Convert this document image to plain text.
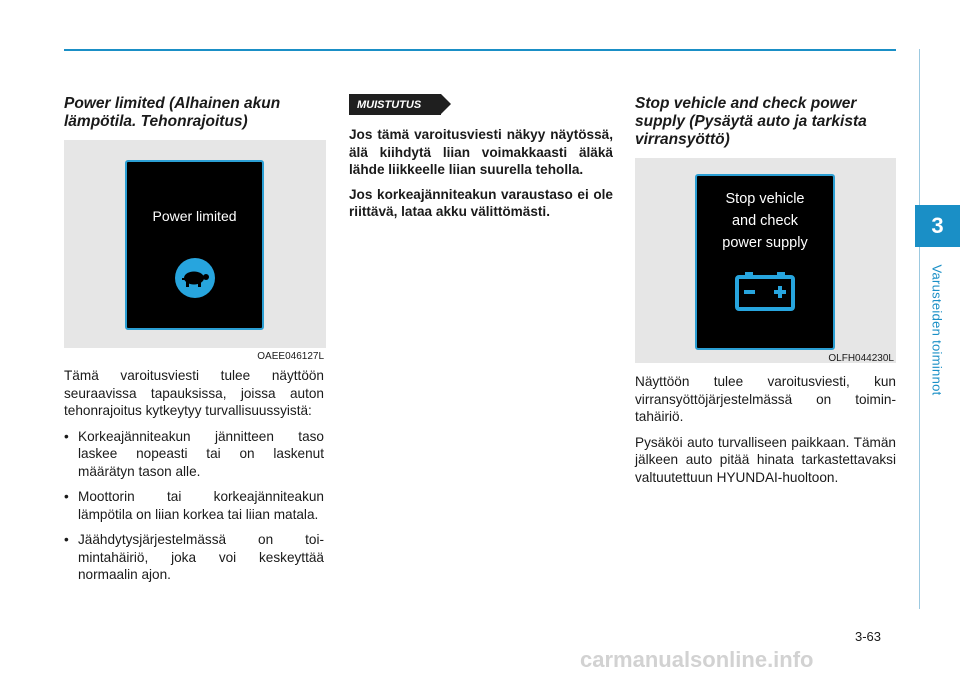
3
Varusteiden toiminnot
Power limited (Alhainen akun lämpötila. Tehonrajoitus)
Power limited
OAEE046127L

Tämä varoitusviesti tulee näyttöön seuraavissa tapauksissa, joissa auton tehonrajoitus kytkeytyy turvallisuussyistä:

• Korkeajänniteakun jännitteen taso laskee nopeasti tai on laskenut määrätyn tason alle.
• Moottorin tai korkeajänniteakun lämpötila on liian korkea tai liian matala.
• Jäähdytysjärjestelmässä on toimintahäiriö, joka voi keskeyttää normaalin ajon.
MUISTUTUS

Jos tämä varoitusviesti näkyy näytössä, älä kiihdytä liian voimakkaasti äläkä lähde liikkeelle liian suurella teholla.

Jos korkeajänniteakun varaustaso ei ole riittävä, lataa akku välittömästi.

Stop vehicle and check power supply (Pysäytä auto ja tarkista virransyöttö)
Stop vehicle
and check
power supply
OLFH044230L

Näyttöön tulee varoitusviesti, kun virransyöttöjärjestelmässä on toimintahäiriö.

Pysäköi auto turvalliseen paikkaan. Tämän jälkeen auto pitää hinata tarkastettavaksi valtuutettuun HYUNDAI-huoltoon.

3-63
carmanualsonline.info
